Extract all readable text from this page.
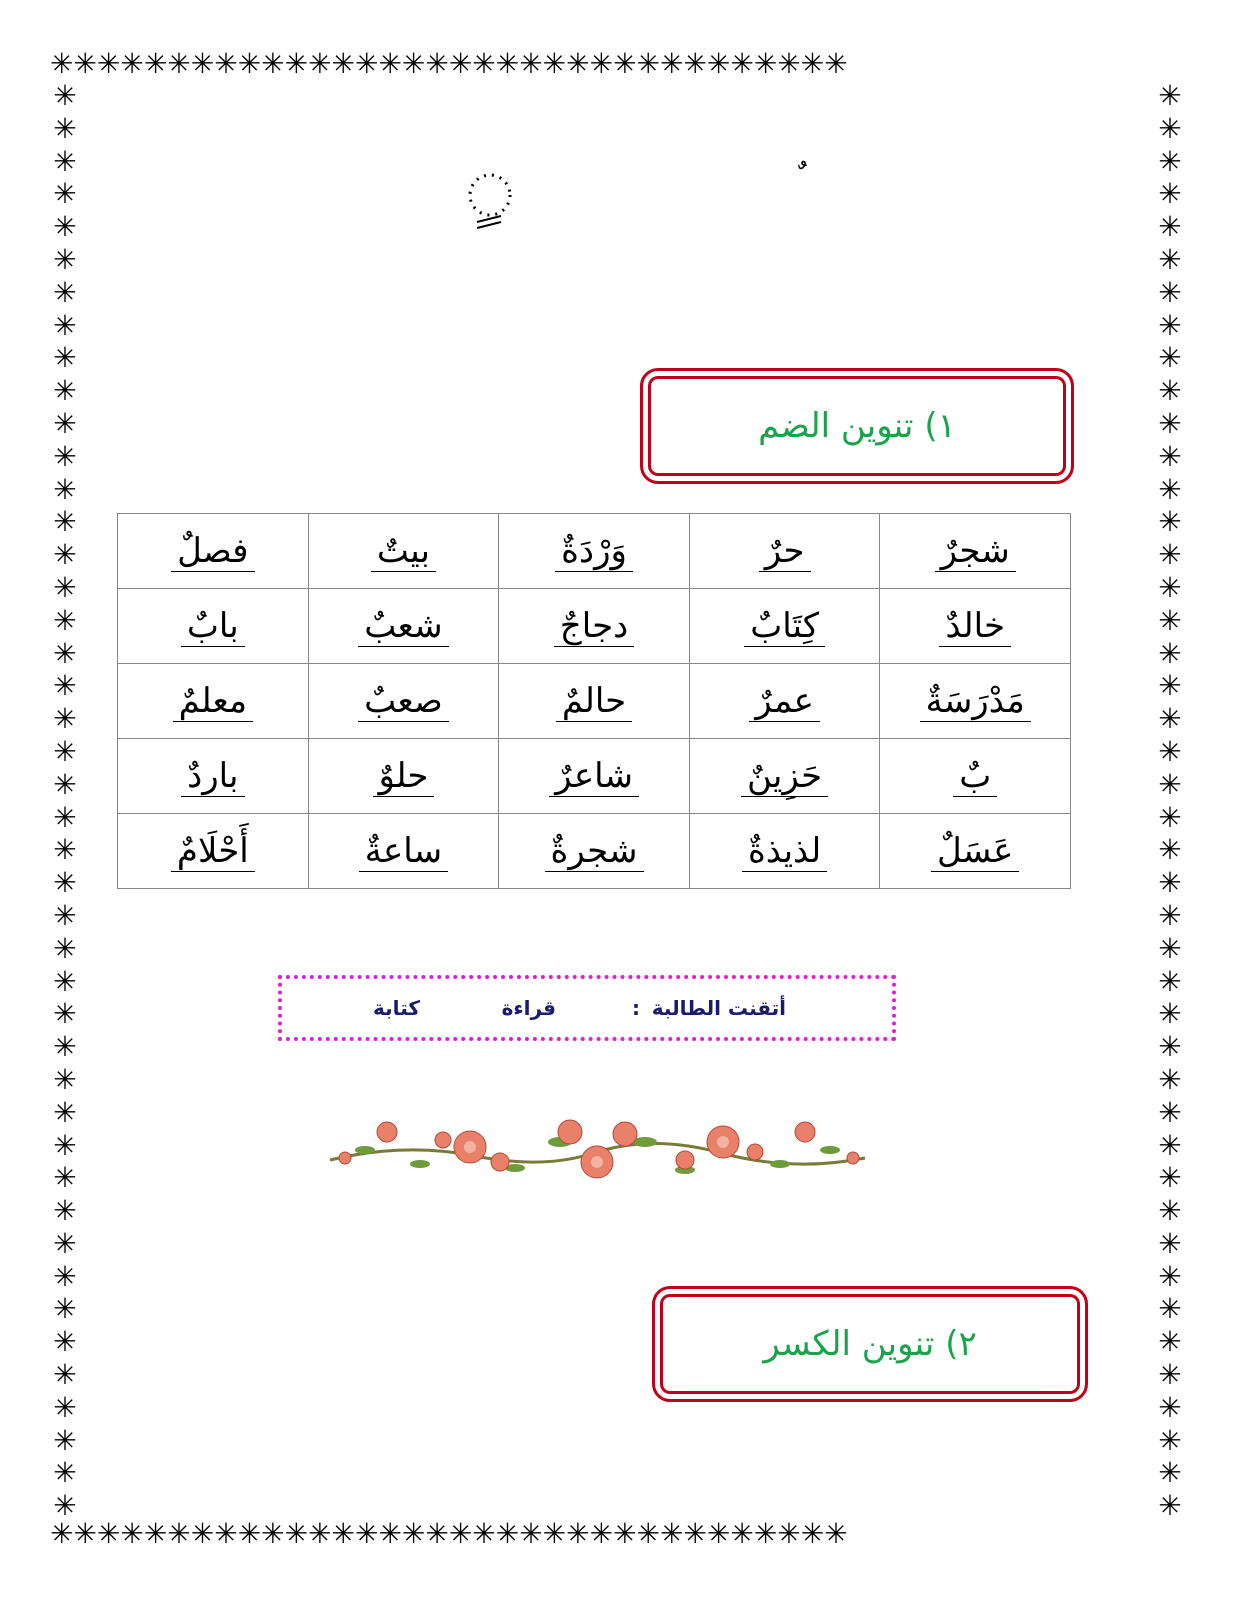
✳✳✳✳✳✳✳✳✳✳✳✳✳✳✳✳✳✳✳✳✳✳✳✳✳✳✳✳✳✳✳✳✳✳
✳✳✳✳✳✳✳✳✳✳✳✳✳✳✳✳✳✳✳✳✳✳✳✳✳✳✳✳✳✳✳✳✳✳
✳✳✳✳✳✳✳✳✳✳✳✳✳✳✳✳✳✳✳✳✳✳✳✳✳✳✳✳✳✳✳✳✳✳✳✳✳✳✳✳✳✳✳✳
✳✳✳✳✳✳✳✳✳✳✳✳✳✳✳✳✳✳✳✳✳✳✳✳✳✳✳✳✳✳✳✳✳✳✳✳✳✳✳✳✳✳✳✳
١) تنوين الضم
شجرٌ	حرٌ	وَرْدَةٌ	بيتٌ	فصلٌ
خالدٌ	كِتَابٌ	دجاجٌ	شعبٌ	بابٌ
مَدْرَسَةٌ	عمرٌ	حالمٌ	صعبٌ	معلمٌ
بٌ	حَزِينٌ	شاعرٌ	حلوٌ	باردٌ
عَسَلٌ	لذيذةٌ	شجرةٌ	ساعةٌ	أَحْلَامٌ
أتقنت الطالبة
:
قراءة
كتابة
٢) تنوين الكسر
